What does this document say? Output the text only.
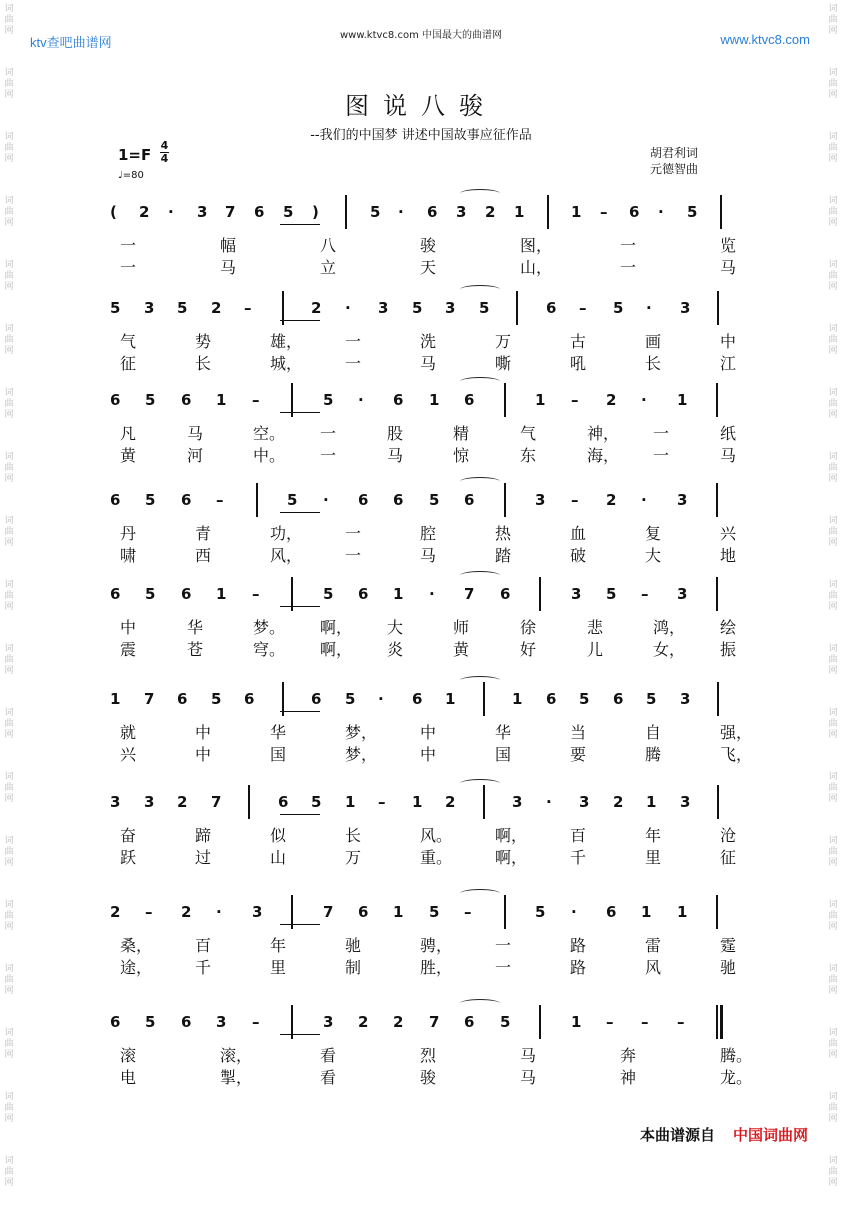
词曲网
词曲网
词曲网
词曲网
词曲网
词曲网
词曲网
词曲网
词曲网
词曲网
词曲网
词曲网
词曲网
词曲网
词曲网
词曲网
词曲网
词曲网
词曲网
词曲网
词曲网
词曲网
词曲网
词曲网
词曲网
词曲网
词曲网
词曲网
词曲网
词曲网
词曲网
词曲网
词曲网
词曲网
词曲网
词曲网
词曲网
词曲网
ktv查吧曲谱网	www.ktvc8.com 中国最大的曲谱网	www.ktvc8.com
图说八骏
--我们的中国梦 讲述中国故事应征作品
1=F
4
4
♩=80
胡君利词
元德智曲
( 2 · 3 7 6 5 )	5 · 6 3 2 1	1 – 6 · 5
一	幅	八	骏	图，	一	览
一	马	立	天	山，	一	马
5 3 5 2 –	2 · 3 5 3 5	6 – 5 · 3
气	势	雄，	一	洗	万	古	画	中
征	长	城，	一	马	嘶	吼	长	江
6 5 6 1 –	5 · 6 1 6	1 – 2 · 1
凡	马	空。 一	股	精	气	神， 一	纸
黄	河	中。 一	马	惊	东	海， 一	马
6 5 6 –	5 · 6 6 5 6	3 – 2 · 3
丹	青	功，	一	腔	热	血	复	兴
啸	西	风，	一	马	踏	破	大	地
6 5 6 1 –	5 6 1 · 7 6	3 5 – 3
中	华	梦。 啊， 大	师	徐	悲	鸿， 绘
震	苍	穹。 啊， 炎	黄	好	儿	女， 振
1 7 6 5 6	6 5 · 6 1	1 6 5 6 5 3
就	中	华	梦，	中	华	当	自	强，
兴	中	国	梦，	中	国	要	腾	飞，
3 3 2 7	6 5 1 – 1 2	3 · 3 2 1 3
奋	蹄	似	长	风。	啊，	百	年	沧
跃	过	山	万	重。	啊，	千	里	征
2 – 2 · 3	7 6 1 5 –	5 · 6 1 1
桑，	百	年	驰	骋，	一	路	雷	霆
途，	千	里	制	胜，	一	路	风	驰
6 5 6 3 –	3 2 2 7 6 5	1 – – –
滚	滚，	看	烈	马	奔	腾。
电	掣，	看	骏	马	神	龙。
本曲谱源自 中国词曲网
